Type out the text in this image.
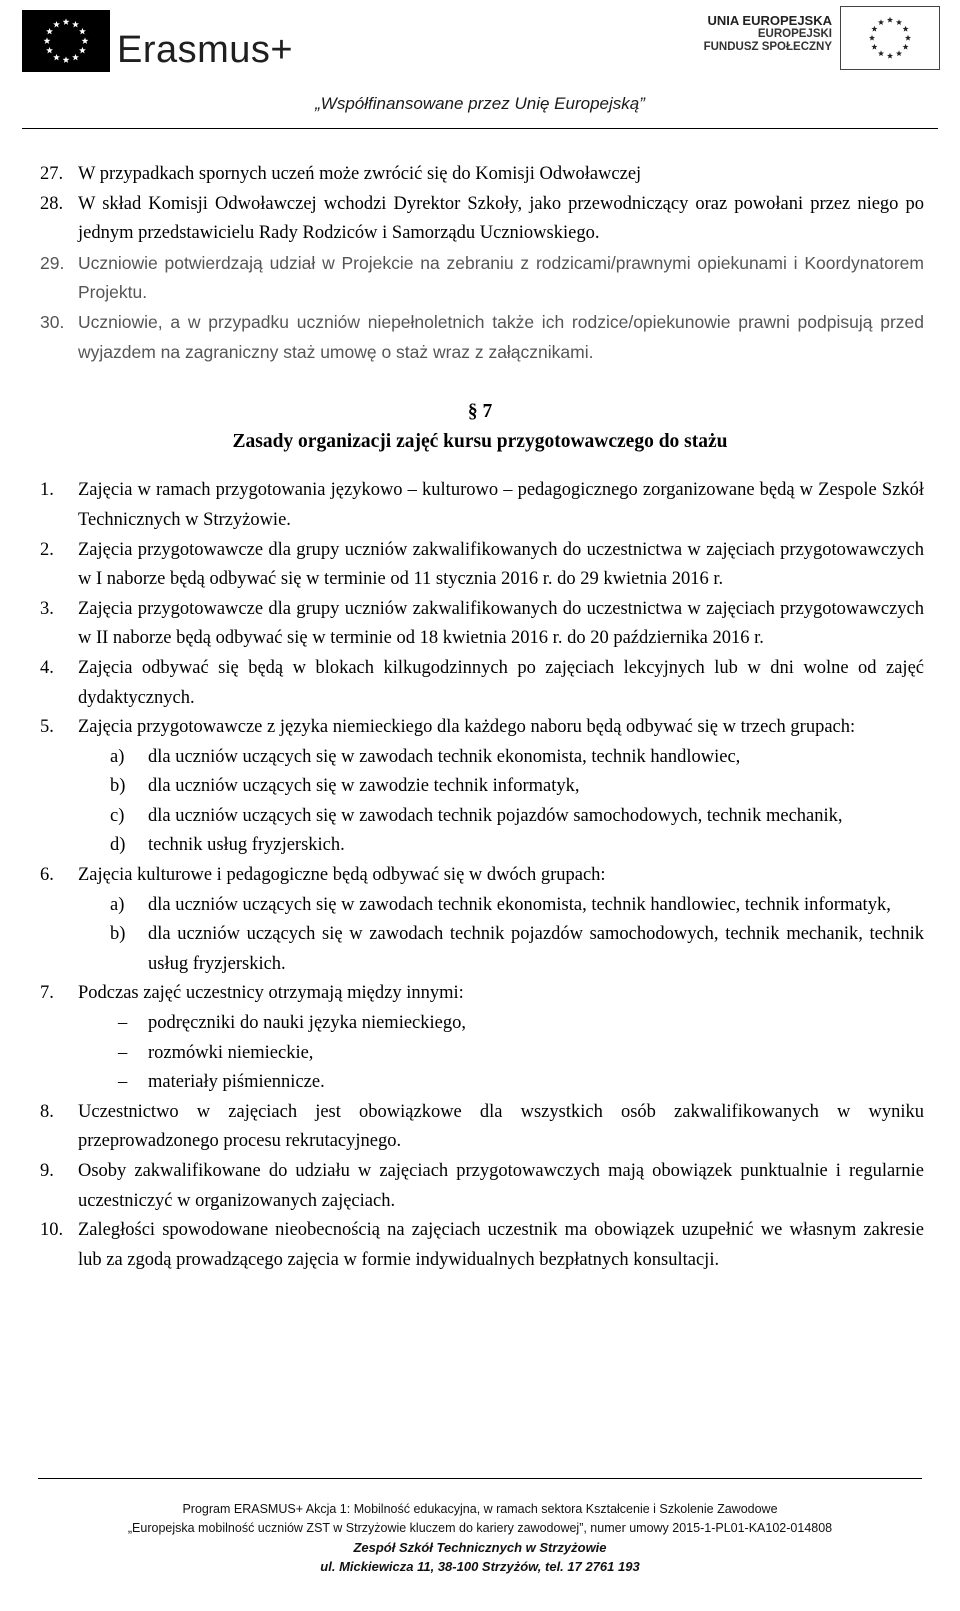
Erasmus+
UNIA EUROPEJSKA
EUROPEJSKI
FUNDUSZ SPOŁECZNY
„Współfinansowane przez Unię Europejską”
27. W przypadkach spornych uczeń może zwrócić się do Komisji Odwoławczej

28. W skład Komisji Odwoławczej wchodzi Dyrektor Szkoły, jako przewodniczący oraz powołani przez niego po jednym przedstawicielu Rady Rodziców i Samorządu Uczniowskiego.

29. Uczniowie potwierdzają udział w Projekcie na zebraniu z rodzicami/prawnymi opiekunami i Koordynatorem Projektu.

30. Uczniowie, a w przypadku uczniów niepełnoletnich także ich rodzice/opiekunowie prawni podpisują przed wyjazdem na zagraniczny staż umowę o staż wraz z załącznikami.

§ 7
Zasady organizacji zajęć kursu przygotowawczego do stażu
1. Zajęcia w ramach przygotowania językowo – kulturowo – pedagogicznego zorganizowane będą w Zespole Szkół Technicznych w Strzyżowie.

2. Zajęcia przygotowawcze dla grupy uczniów zakwalifikowanych do uczestnictwa w zajęciach przygotowawczych w I naborze będą odbywać się w terminie od 11 stycznia 2016 r. do 29 kwietnia 2016 r.

3. Zajęcia przygotowawcze dla grupy uczniów zakwalifikowanych do uczestnictwa w zajęciach przygotowawczych w II naborze będą odbywać się w terminie od 18 kwietnia 2016 r. do 20 października 2016 r.

4. Zajęcia odbywać się będą w blokach kilkugodzinnych po zajęciach lekcyjnych lub w dni wolne od zajęć dydaktycznych.

5. Zajęcia przygotowawcze z języka niemieckiego dla każdego naboru będą odbywać się w trzech grupach:

a) dla uczniów uczących się w zawodach technik ekonomista, technik handlowiec,

b) dla uczniów uczących się w zawodzie technik informatyk,

c) dla uczniów uczących się w zawodach technik pojazdów samochodowych, technik mechanik,

d) technik usług fryzjerskich.

6. Zajęcia kulturowe i pedagogiczne będą odbywać się w dwóch grupach:

a) dla uczniów uczących się w zawodach technik ekonomista, technik handlowiec, technik informatyk,

b) dla uczniów uczących się w zawodach technik pojazdów samochodowych, technik mechanik, technik usług fryzjerskich.

7. Podczas zajęć uczestnicy otrzymają między innymi:

– podręczniki do nauki języka niemieckiego,
– rozmówki niemieckie,
– materiały piśmiennicze.
8. Uczestnictwo w zajęciach jest obowiązkowe dla wszystkich osób zakwalifikowanych w wyniku przeprowadzonego procesu rekrutacyjnego.

9. Osoby zakwalifikowane do udziału w zajęciach przygotowawczych mają obowiązek punktualnie i regularnie uczestniczyć w organizowanych zajęciach.

10. Zaległości spowodowane nieobecnością na zajęciach uczestnik ma obowiązek uzupełnić we własnym zakresie lub za zgodą prowadzącego zajęcia w formie indywidualnych bezpłatnych konsultacji.

Program ERASMUS+ Akcja 1: Mobilność edukacyjna, w ramach sektora Kształcenie i Szkolenie Zawodowe
„Europejska mobilność uczniów ZST w Strzyżowie kluczem do kariery zawodowej”, numer umowy 2015-1-PL01-KA102-014808
Zespół Szkół Technicznych w Strzyżowie
ul. Mickiewicza 11, 38-100 Strzyżów, tel. 17 2761 193
